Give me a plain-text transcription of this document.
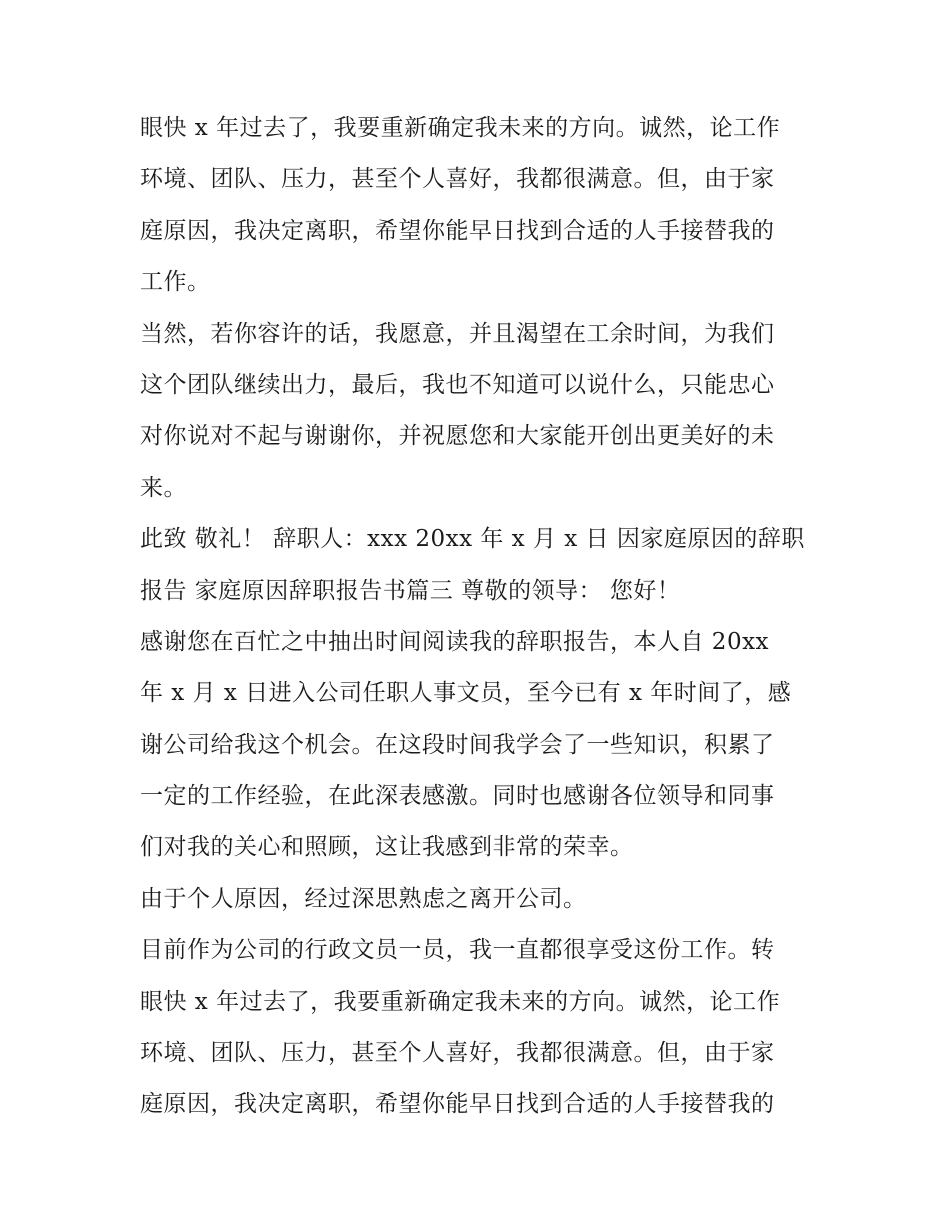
眼快 x 年过去了，我要重新确定我未来的方向。诚然，论工作
环境、团队、压力，甚至个人喜好，我都很满意。但，由于家
庭原因，我决定离职，希望你能早日找到合适的人手接替我的
工作。
当然，若你容许的话，我愿意，并且渴望在工余时间，为我们
这个团队继续出力，最后，我也不知道可以说什么，只能忠心
对你说对不起与谢谢你，并祝愿您和大家能开创出更美好的未
来。
此致 敬礼！ 辞职人：xxx 20xx 年 x 月 x 日 因家庭原因的辞职
报告 家庭原因辞职报告书篇三 尊敬的领导： 您好！
感谢您在百忙之中抽出时间阅读我的辞职报告，本人自 20xx
年 x 月 x 日进入公司任职人事文员，至今已有 x 年时间了，感
谢公司给我这个机会。在这段时间我学会了一些知识，积累了
一定的工作经验，在此深表感激。同时也感谢各位领导和同事
们对我的关心和照顾，这让我感到非常的荣幸。
由于个人原因，经过深思熟虑之离开公司。
目前作为公司的行政文员一员，我一直都很享受这份工作。转
眼快 x 年过去了，我要重新确定我未来的方向。诚然，论工作
环境、团队、压力，甚至个人喜好，我都很满意。但，由于家
庭原因，我决定离职，希望你能早日找到合适的人手接替我的
